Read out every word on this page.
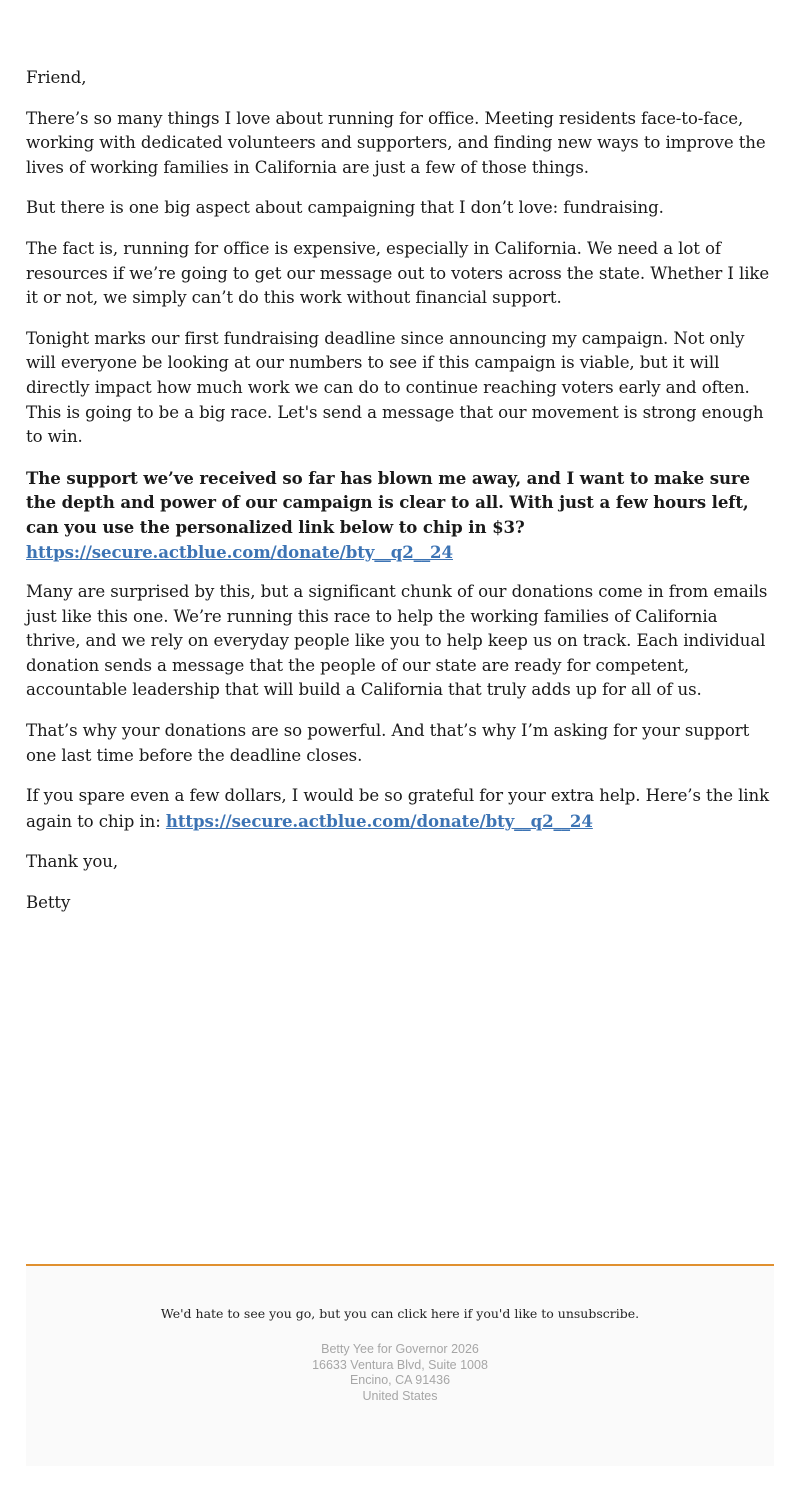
Friend,

There’s so many things I love about running for office. Meeting residents face-to-face, working with dedicated volunteers and supporters, and finding new ways to improve the lives of working families in California are just a few of those things.

But there is one big aspect about campaigning that I don’t love: fundraising.

The fact is, running for office is expensive, especially in California. We need a lot of resources if we’re going to get our message out to voters across the state. Whether I like it or not, we simply can’t do this work without financial support.

Tonight marks our first fundraising deadline since announcing my campaign. Not only will everyone be looking at our numbers to see if this campaign is viable, but it will directly impact how much work we can do to continue reaching voters early and often. This is going to be a big race. Let's send a message that our movement is strong enough to win.

The support we’ve received so far has blown me away, and I want to make sure the depth and power of our campaign is clear to all. With just a few hours left, can you use the personalized link below to chip in $3?
https://secure.actblue.com/donate/bty__q2__24

Many are surprised by this, but a significant chunk of our donations come in from emails just like this one. We’re running this race to help the working families of California thrive, and we rely on everyday people like you to help keep us on track. Each individual donation sends a message that the people of our state are ready for competent, accountable leadership that will build a California that truly adds up for all of us.

That’s why your donations are so powerful. And that’s why I’m asking for your support one last time before the deadline closes.

If you spare even a few dollars, I would be so grateful for your extra help. Here’s the link again to chip in: https://secure.actblue.com/donate/bty__q2__24

Thank you,

Betty

We'd hate to see you go, but you can click here if you'd like to unsubscribe.
Betty Yee for Governor 2026
16633 Ventura Blvd, Suite 1008
Encino, CA 91436
United States
